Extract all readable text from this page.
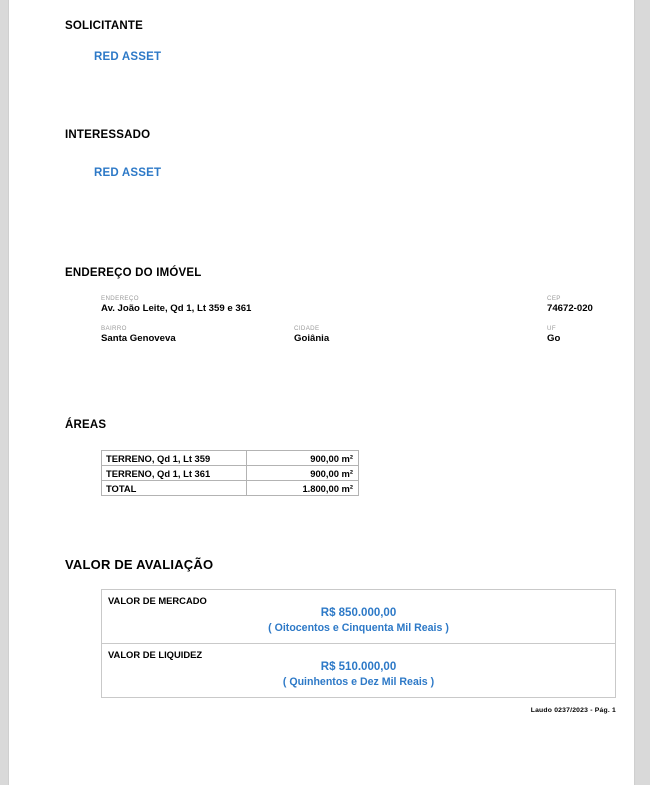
SOLICITANTE
RED ASSET
INTERESSADO
RED ASSET
ENDEREÇO DO IMÓVEL
ENDEREÇO
Av. João Leite, Qd 1, Lt 359 e 361
CEP
74672-020
BAIRRO
Santa Genoveva
CIDADE
Goiânia
UF
Go
ÁREAS
TERRENO, Qd 1, Lt 359	900,00 m²
TERRENO, Qd 1, Lt 361	900,00 m²
TOTAL	1.800,00 m²
VALOR DE AVALIAÇÃO
VALOR DE MERCADO
R$ 850.000,00
( Oitocentos e Cinquenta Mil Reais )
VALOR DE LIQUIDEZ
R$ 510.000,00
( Quinhentos e Dez Mil Reais )
Laudo 0237/2023 - Pág. 1
